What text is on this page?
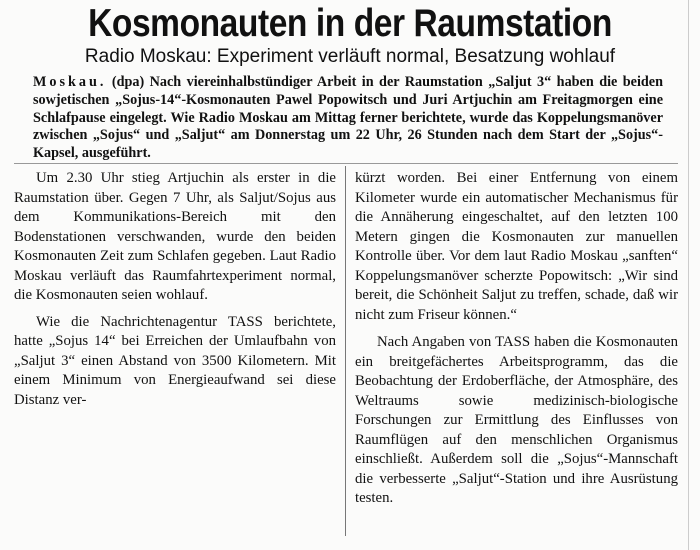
Kosmonauten in der Raumstation
Radio Moskau: Experiment verläuft normal, Besatzung wohlauf

Moskau. (dpa) Nach viereinhalbstündiger Arbeit in der Raumstation „Saljut 3“ haben die beiden sowjetischen „Sojus-14“-Kosmonauten Pawel Popowitsch und Juri Artjuchin am Freitagmorgen eine Schlafpause eingelegt. Wie Radio Moskau am Mittag ferner berichtete, wurde das Koppelungsmanöver zwischen „Sojus“ und „Saljut“ am Donnerstag um 22 Uhr, 26 Stunden nach dem Start der „Sojus“-Kapsel, ausgeführt.

Um 2.30 Uhr stieg Artjuchin als erster in die Raumstation über. Gegen 7 Uhr, als Saljut/Sojus aus dem Kommunikations-Bereich mit den Bodenstationen verschwanden, wurde den beiden Kosmonauten Zeit zum Schlafen gegeben. Laut Radio Moskau verläuft das Raumfahrtexperiment normal, die Kosmonauten seien wohlauf.

Wie die Nachrichtenagentur TASS berichtete, hatte „Sojus 14“ bei Erreichen der Umlaufbahn von „Saljut 3“ einen Abstand von 3500 Kilometern. Mit einem Minimum von Energieaufwand sei diese Distanz ver-

kürzt worden. Bei einer Entfernung von einem Kilometer wurde ein automatischer Mechanismus für die Annäherung eingeschaltet, auf den letzten 100 Metern gingen die Kosmonauten zur manuellen Kontrolle über. Vor dem laut Radio Moskau „sanften“ Koppelungsmanöver scherzte Popowitsch: „Wir sind bereit, die Schönheit Saljut zu treffen, schade, daß wir nicht zum Friseur können.“

Nach Angaben von TASS haben die Kosmonauten ein breitgefächertes Arbeitsprogramm, das die Beobachtung der Erdoberfläche, der Atmosphäre, des Weltraums sowie medizinisch-biologische Forschungen zur Ermittlung des Einflusses von Raumflügen auf den menschlichen Organismus einschließt. Außerdem soll die „Sojus“-Mannschaft die verbesserte „Saljut“-Station und ihre Ausrüstung testen.
